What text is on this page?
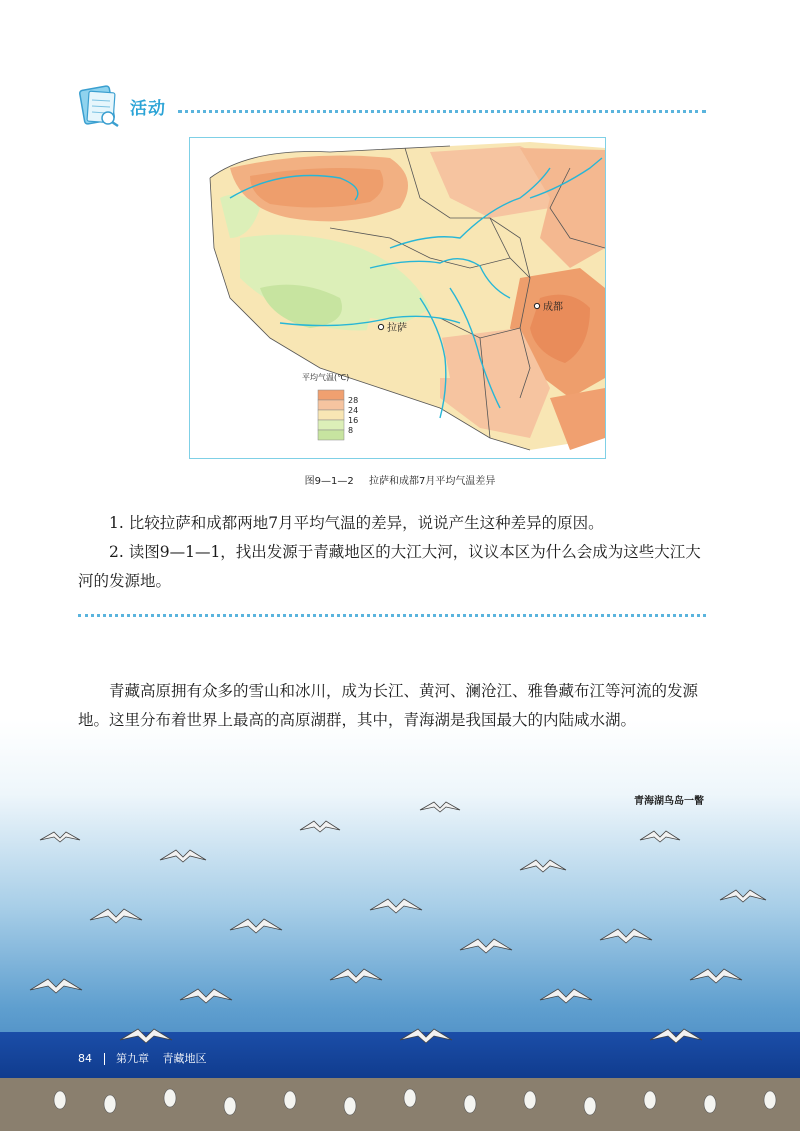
活动
成都
拉萨
平均气温(℃)
28
24
16
8
图9—1—2 拉萨和成都7月平均气温差异

1. 比较拉萨和成都两地7月平均气温的差异，说说产生这种差异的原因。

2. 读图9—1—1，找出发源于青藏地区的大江大河，议议本区为什么会成为这些大江大河的发源地。

青藏高原拥有众多的雪山和冰川，成为长江、黄河、澜沧江、雅鲁藏布江等河流的发源地。这里分布着世界上最高的高原湖群，其中，青海湖是我国最大的内陆咸水湖。

青海湖鸟岛一瞥
84 第九章 青藏地区
